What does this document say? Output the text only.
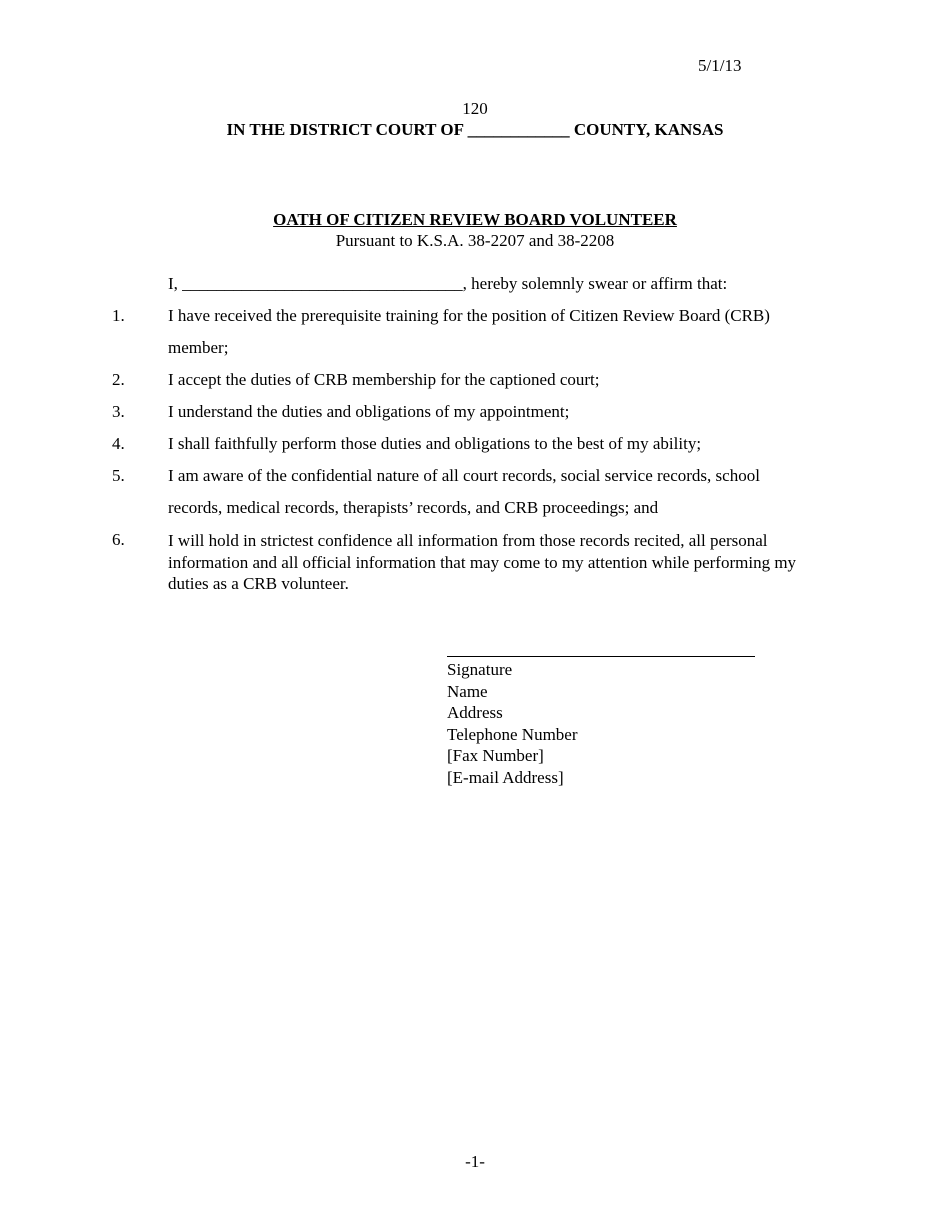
5/1/13
120
IN THE DISTRICT COURT OF ____________ COUNTY, KANSAS
OATH OF CITIZEN REVIEW BOARD VOLUNTEER
Pursuant to K.S.A. 38-2207 and 38-2208
I, _________________________________, hereby solemnly swear or affirm that:
1.	I have received the prerequisite training for the position of Citizen Review Board (CRB)
member;
2.	I accept the duties of CRB membership for the captioned court;
3.	I understand the duties and obligations of my appointment;
4.	I shall faithfully perform those duties and obligations to the best of my ability;
5.	I am aware of the confidential nature of all court records, social service records, school
records, medical records, therapists’ records, and CRB proceedings; and
6.	I will hold in strictest confidence all information from those records recited, all personal information and all official information that may come to my attention while performing my duties as a CRB volunteer.
Signature
Name
Address
Telephone Number
[Fax Number]
[E-mail Address]
-1-
